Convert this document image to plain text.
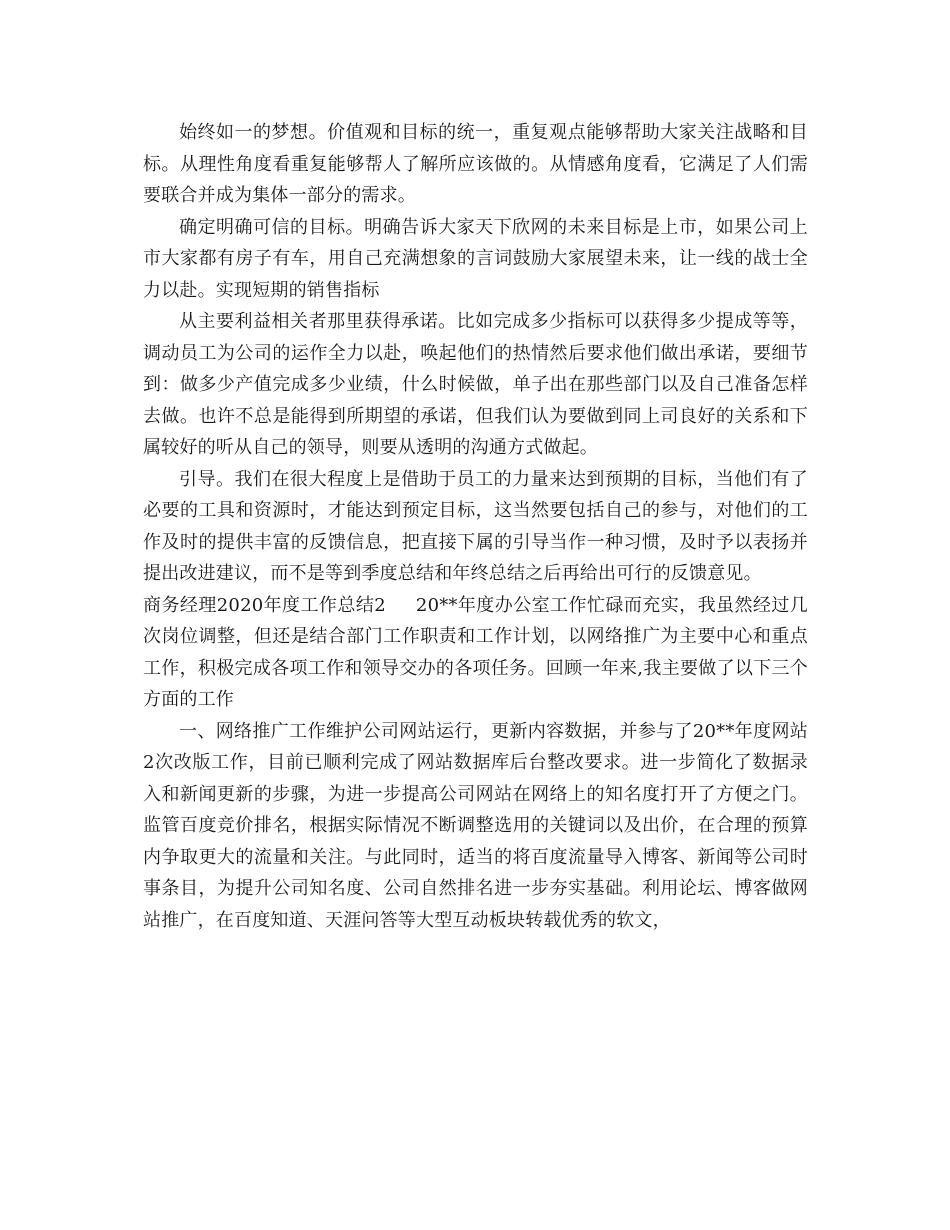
始终如一的梦想。价值观和目标的统一，重复观点能够帮助大家关注战略和目标。从理性角度看重复能够帮人了解所应该做的。从情感角度看，它满足了人们需要联合并成为集体一部分的需求。

确定明确可信的目标。明确告诉大家天下欣网的未来目标是上市，如果公司上市大家都有房子有车，用自己充满想象的言词鼓励大家展望未来，让一线的战士全力以赴。实现短期的销售指标

从主要利益相关者那里获得承诺。比如完成多少指标可以获得多少提成等等，调动员工为公司的运作全力以赴，唤起他们的热情然后要求他们做出承诺，要细节到：做多少产值完成多少业绩，什么时候做，单子出在那些部门以及自己准备怎样去做。也许不总是能得到所期望的承诺，但我们认为要做到同上司良好的关系和下属较好的听从自己的领导，则要从透明的沟通方式做起。

引导。我们在很大程度上是借助于员工的力量来达到预期的目标，当他们有了必要的工具和资源时，才能达到预定目标，这当然要包括自己的参与，对他们的工作及时的提供丰富的反馈信息，把直接下属的引导当作一种习惯，及时予以表扬并提出改进建议，而不是等到季度总结和年终总结之后再给出可行的反馈意见。

商务经理2020年度工作总结2 20**年度办公室工作忙碌而充实，我虽然经过几次岗位调整，但还是结合部门工作职责和工作计划，以网络推广为主要中心和重点工作，积极完成各项工作和领导交办的各项任务。回顾一年来,我主要做了以下三个方面的工作

一、网络推广工作维护公司网站运行，更新内容数据，并参与了20**年度网站2次改版工作，目前已顺利完成了网站数据库后台整改要求。进一步简化了数据录入和新闻更新的步骤，为进一步提高公司网站在网络上的知名度打开了方便之门。监管百度竞价排名，根据实际情况不断调整选用的关键词以及出价，在合理的预算内争取更大的流量和关注。与此同时，适当的将百度流量导入博客、新闻等公司时事条目，为提升公司知名度、公司自然排名进一步夯实基础。利用论坛、博客做网站推广，在百度知道、天涯问答等大型互动板块转载优秀的软文，
